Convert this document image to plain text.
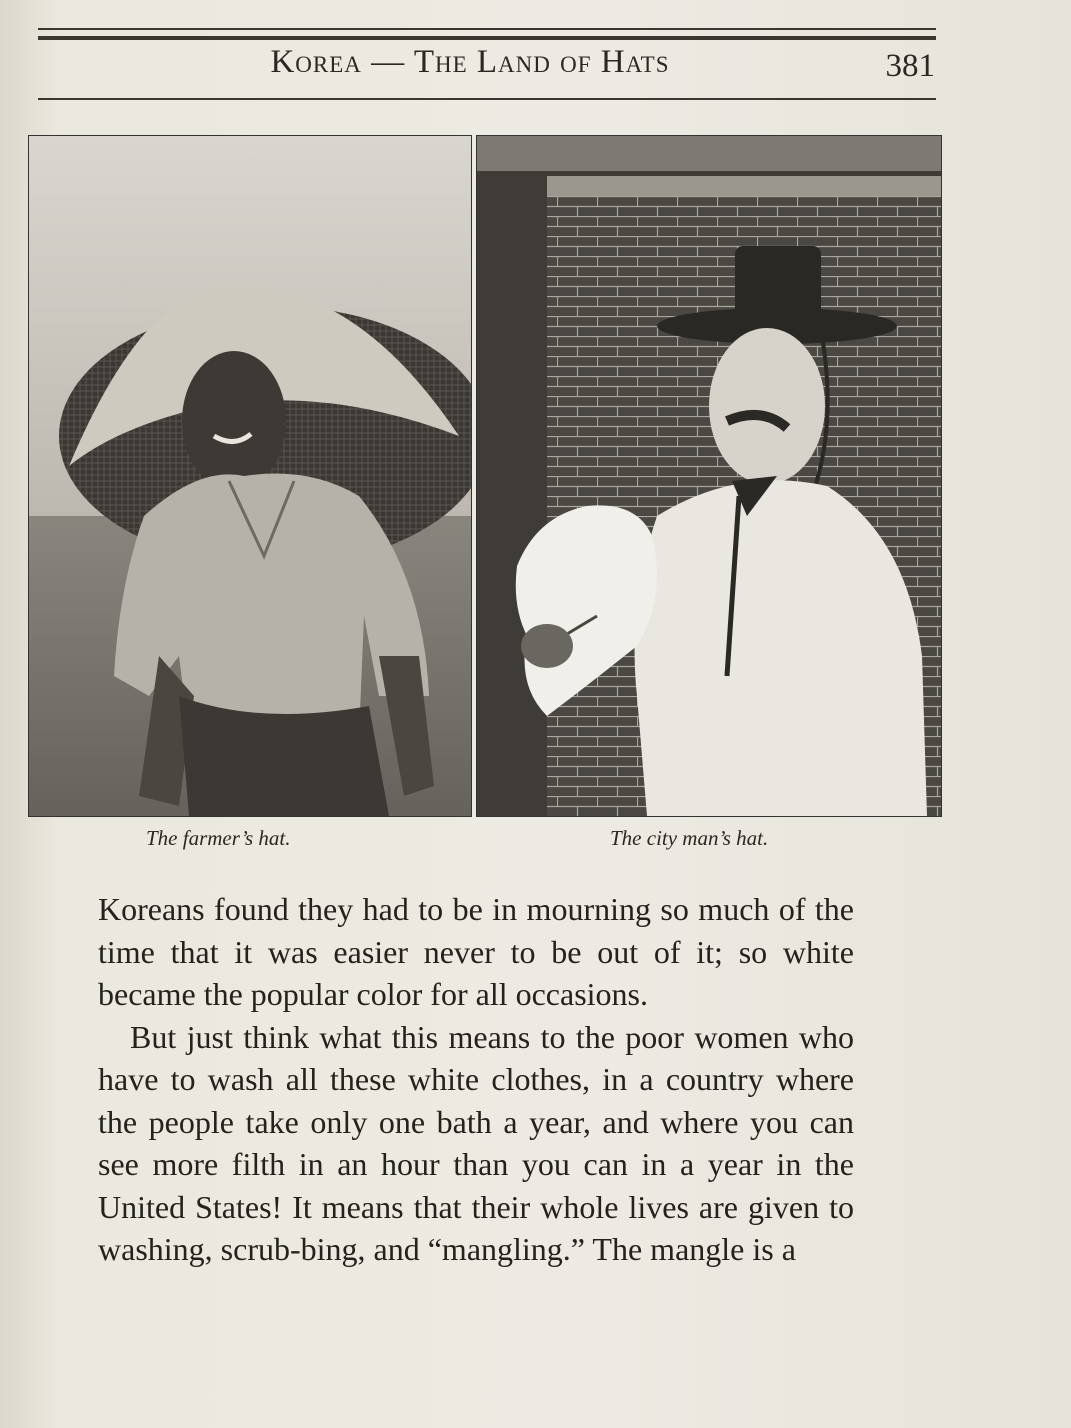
Korea — The Land of Hats	381
The farmer’s hat.	The city man’s hat.

Koreans found they had to be in mourning so much of the time that it was easier never to be out of it; so white became the popular color for all occasions.

But just think what this means to the poor women who have to wash all these white clothes, in a country where the people take only one bath a year, and where you can see more filth in an hour than you can in a year in the United States! It means that their whole lives are given to washing, scrub-bing, and “mangling.” The mangle is a
